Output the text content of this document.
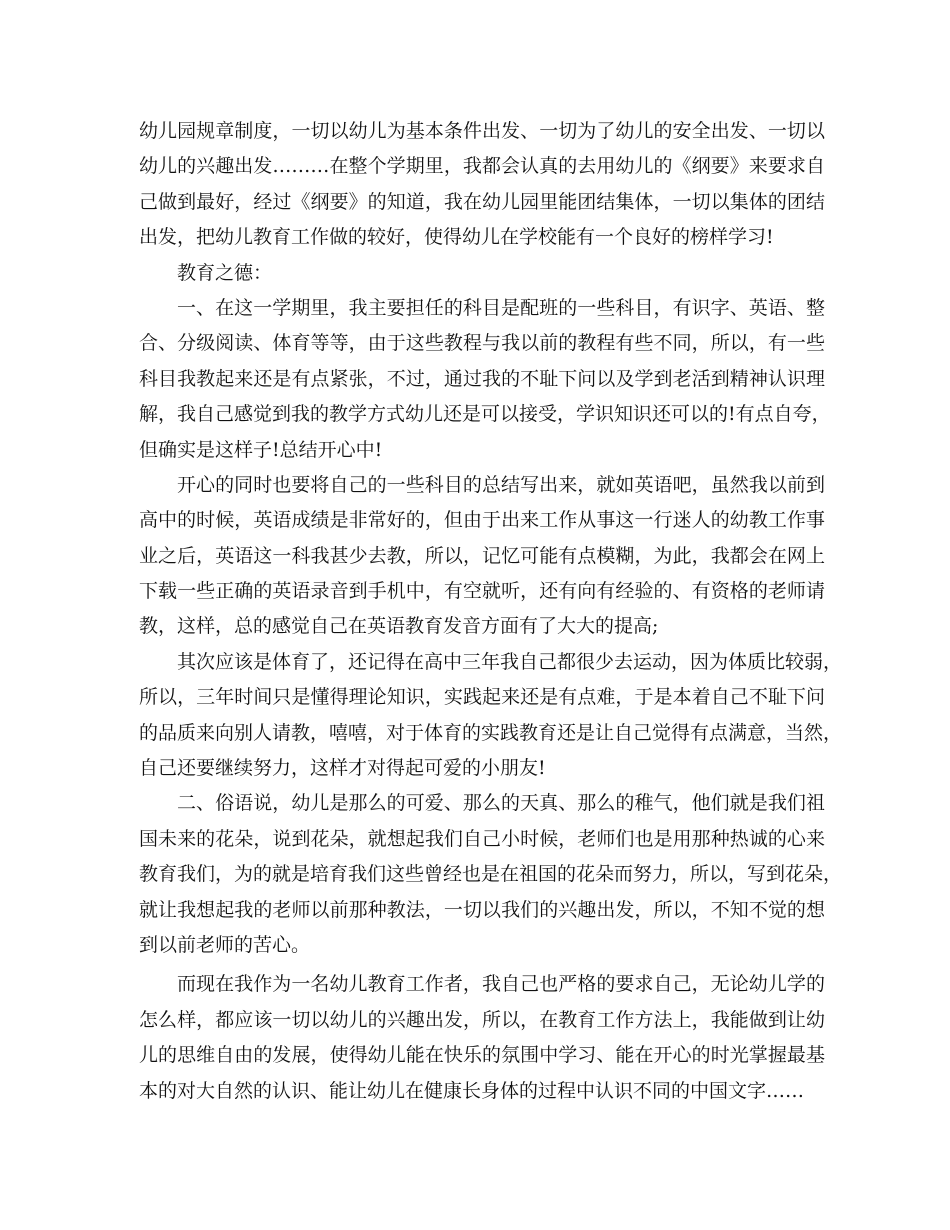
幼儿园规章制度，一切以幼儿为基本条件出发、一切为了幼儿的安全出发、一切以
幼儿的兴趣出发………在整个学期里，我都会认真的去用幼儿的《纲要》来要求自
己做到最好，经过《纲要》的知道，我在幼儿园里能团结集体，一切以集体的团结
出发，把幼儿教育工作做的较好，使得幼儿在学校能有一个良好的榜样学习!
教育之德：
一、在这一学期里，我主要担任的科目是配班的一些科目，有识字、英语、整
合、分级阅读、体育等等，由于这些教程与我以前的教程有些不同，所以，有一些
科目我教起来还是有点紧张，不过，通过我的不耻下问以及学到老活到精神认识理
解，我自己感觉到我的教学方式幼儿还是可以接受，学识知识还可以的!有点自夸，
但确实是这样子!总结开心中!
开心的同时也要将自己的一些科目的总结写出来，就如英语吧，虽然我以前到
高中的时候，英语成绩是非常好的，但由于出来工作从事这一行迷人的幼教工作事
业之后，英语这一科我甚少去教，所以，记忆可能有点模糊，为此，我都会在网上
下载一些正确的英语录音到手机中，有空就听，还有向有经验的、有资格的老师请
教，这样，总的感觉自己在英语教育发音方面有了大大的提高;
其次应该是体育了，还记得在高中三年我自己都很少去运动，因为体质比较弱，
所以，三年时间只是懂得理论知识，实践起来还是有点难，于是本着自己不耻下问
的品质来向别人请教，嘻嘻，对于体育的实践教育还是让自己觉得有点满意，当然，
自己还要继续努力，这样才对得起可爱的小朋友!
二、俗语说，幼儿是那么的可爱、那么的天真、那么的稚气，他们就是我们祖
国未来的花朵，说到花朵，就想起我们自己小时候，老师们也是用那种热诚的心来
教育我们，为的就是培育我们这些曾经也是在祖国的花朵而努力，所以，写到花朵，
就让我想起我的老师以前那种教法，一切以我们的兴趣出发，所以，不知不觉的想
到以前老师的苦心。
而现在我作为一名幼儿教育工作者，我自己也严格的要求自己，无论幼儿学的
怎么样，都应该一切以幼儿的兴趣出发，所以，在教育工作方法上，我能做到让幼
儿的思维自由的发展，使得幼儿能在快乐的氛围中学习、能在开心的时光掌握最基
本的对大自然的认识、能让幼儿在健康长身体的过程中认识不同的中国文字……
